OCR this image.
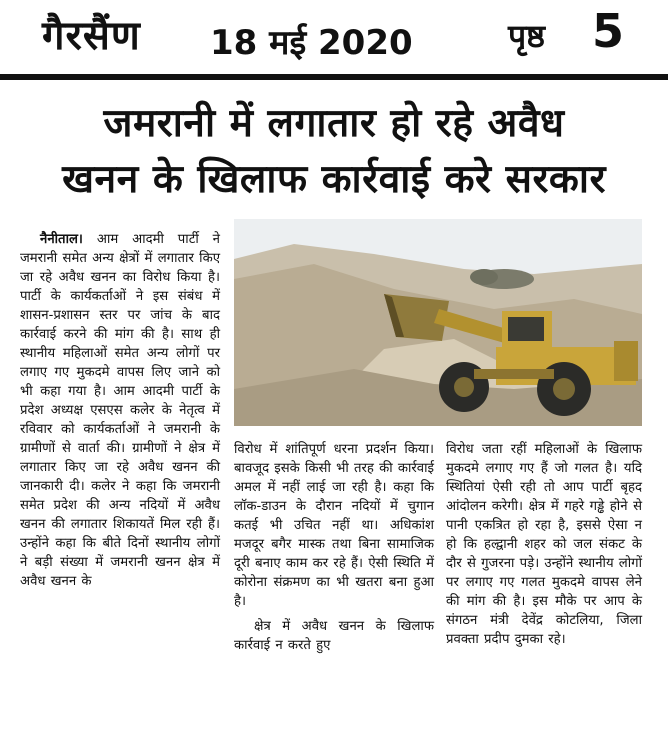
गैरसैंण 18 मई 2020	पृष्ठ 5
जमरानी में लगातार हो रहे अवैध
खनन के खिलाफ कार्रवाई करे सरकार

नैनीताल। आम आदमी पार्टी ने जमरानी समेत अन्य क्षेत्रों में लगातार किए जा रहे अवैध खनन का विरोध किया है। पार्टी के कार्यकर्ताओं ने इस संबंध में शासन-प्रशासन स्तर पर जांच के बाद कार्रवाई करने की मांग की है। साथ ही स्थानीय महिलाओं समेत अन्य लोगों पर लगाए गए मुकदमे वापस लिए जाने को भी कहा गया है। आम आदमी पार्टी के प्रदेश अध्यक्ष एसएस कलेर के नेतृत्व में रविवार को कार्यकर्ताओं ने जमरानी के ग्रामीणों से वार्ता की। ग्रामीणों ने क्षेत्र में लगातार किए जा रहे अवैध खनन की जानकारी दी। कलेर ने कहा कि जमरानी समेत प्रदेश की अन्य नदियों में अवैध खनन की लगातार शिकायतें मिल रही हैं। उन्होंने कहा कि बीते दिनों स्थानीय लोगों ने बड़ी संख्या में जमरानी खनन क्षेत्र में अवैध खनन के

विरोध में शांतिपूर्ण धरना प्रदर्शन किया। बावजूद इसके किसी भी तरह की कार्रवाई अमल में नहीं लाई जा रही है। कहा कि लॉक-डाउन के दौरान नदियों में चुगान कतई भी उचित नहीं था। अधिकांश मजदूर बगैर मास्क तथा बिना सामाजिक दूरी बनाए काम कर रहे हैं। ऐसी स्थिति में कोरोना संक्रमण का भी खतरा बना हुआ है।

क्षेत्र में अवैध खनन के खिलाफ कार्रवाई न करते हुए

विरोध जता रहीं महिलाओं के खिलाफ मुकदमे लगाए गए हैं जो गलत है। यदि स्थितियां ऐसी रही तो आप पार्टी बृहद आंदोलन करेगी। क्षेत्र में गहरे गड्ढे होने से पानी एकत्रित हो रहा है, इससे ऐसा न हो कि हल्द्वानी शहर को जल संकट के दौर से गुजरना पड़े। उन्होंने स्थानीय लोगों पर लगाए गए गलत मुकदमे वापस लेने की मांग की है। इस मौके पर आप के संगठन मंत्री देवेंद्र कोटलिया, जिला प्रवक्ता प्रदीप दुमका रहे।
